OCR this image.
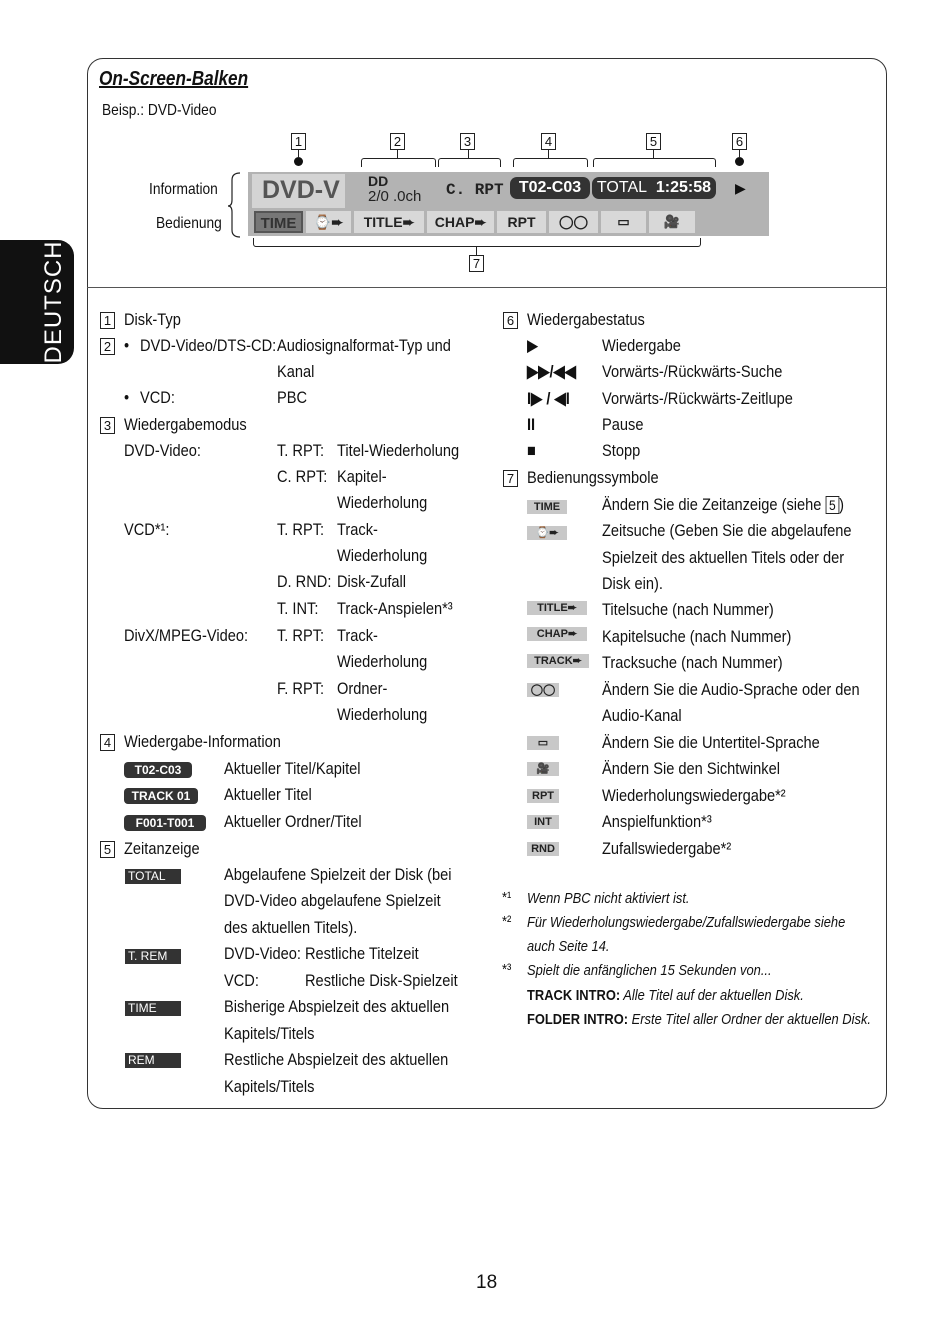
DEUTSCH
On-Screen-Balken
Beisp.: DVD-Video
1	2	3	4	5	6
7
Information
Bedienung
DVD-V DD
2/0 .0ch C. RPT T02-C03 TOTAL 1:25:58	▶
TIME	⌚➨	TITLE➨	CHAP➨	RPT	◯◯	▭	🎥
1 Disk-Typ
2 • DVD-Video/DTS-CD: Audiosignalformat-Typ und
Kanal
• VCD:	PBC
3 Wiedergabemodus
DVD-Video:	T. RPT: Titel-Wiederholung
C. RPT: Kapitel-
Wiederholung
VCD*¹:	T. RPT: Track-
Wiederholung
D. RND: Disk-Zufall
T. INT: Track-Anspielen*³
DivX/MPEG-Video: T. RPT: Track-
Wiederholung
F. RPT: Ordner-
Wiederholung
4 Wiedergabe-Information
T02-C03	Aktueller Titel/Kapitel
TRACK 01	Aktueller Titel
F001-T001	Aktueller Ordner/Titel
5 Zeitanzeige
TOTAL	Abgelaufene Spielzeit der Disk (bei
DVD-Video abgelaufene Spielzeit
des aktuellen Titels).
T. REM	DVD-Video: Restliche Titelzeit
VCD:	Restliche Disk-Spielzeit
TIME	Bisherige Abspielzeit des aktuellen
Kapitels/Titels
REM	Restliche Abspielzeit des aktuellen
Kapitels/Titels
6 Wiedergabestatus
▶	Wiedergabe
▶▶/◀◀ Vorwärts-/Rückwärts-Suche
I▶ / ◀I Vorwärts-/Rückwärts-Zeitlupe
II	Pause
■	Stopp
7 Bedienungssymbole
TIME	Ändern Sie die Zeitanzeige (siehe 5 )
⌚➨	Zeitsuche (Geben Sie die abgelaufene
Spielzeit des aktuellen Titels oder der
Disk ein).
TITLE➨	Titelsuche (nach Nummer)
CHAP➨	Kapitelsuche (nach Nummer)
TRACK➨	Tracksuche (nach Nummer)
◯◯	Ändern Sie die Audio-Sprache oder den
Audio-Kanal
▭	Ändern Sie die Untertitel-Sprache
🎥	Ändern Sie den Sichtwinkel
RPT	Wiederholungswiedergabe*²
INT	Anspielfunktion*³
RND	Zufallswiedergabe*²
*¹ Wenn PBC nicht aktiviert ist.
*² Für Wiederholungswiedergabe/Zufallswiedergabe siehe
auch Seite 14.
*³ Spielt die anfänglichen 15 Sekunden von...
TRACK INTRO: Alle Titel auf der aktuellen Disk.
FOLDER INTRO: Erste Titel aller Ordner der aktuellen Disk.
18
